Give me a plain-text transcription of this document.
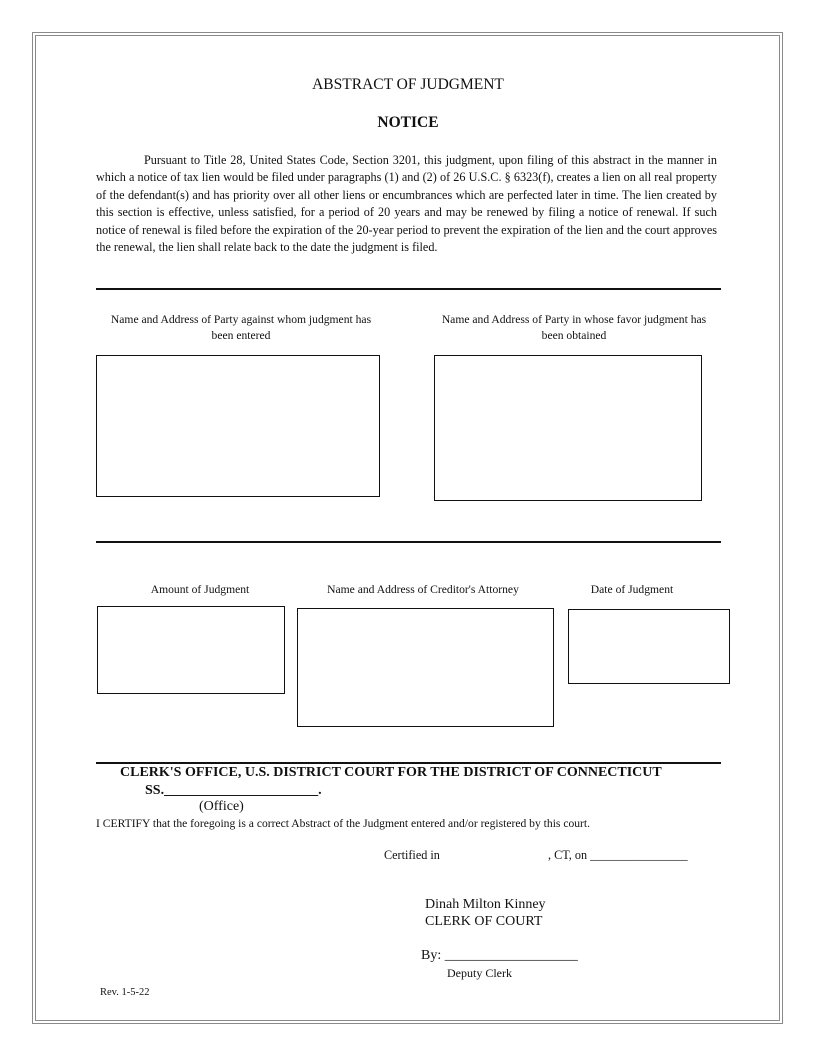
ABSTRACT OF JUDGMENT
NOTICE
Pursuant to Title 28, United States Code, Section 3201, this judgment, upon filing of this abstract in the manner in which a notice of tax lien would be filed under paragraphs (1) and (2) of 26 U.S.C. § 6323(f), creates a lien on all real property of the defendant(s) and has priority over all other liens or encumbrances which are perfected later in time. The lien created by this section is effective, unless satisfied, for a period of 20 years and may be renewed by filing a notice of renewal. If such notice of renewal is filed before the expiration of the 20-year period to prevent the expiration of the lien and the court approves the renewal, the lien shall relate back to the date the judgment is filed.
Name and Address of Party against whom judgment has been entered
Name and Address of Party in whose favor judgment has been obtained
Amount of Judgment	Name and Address of Creditor's Attorney	Date of Judgment
CLERK'S OFFICE, U.S. DISTRICT COURT FOR THE DISTRICT OF CONNECTICUT
SS.______________________.
(Office)
I CERTIFY that the foregoing is a correct Abstract of the Judgment entered and/or registered by this court.
Certified in	, CT, on ________________
Dinah Milton Kinney
CLERK OF COURT
By: ___________________
Deputy Clerk
Rev. 1-5-22
